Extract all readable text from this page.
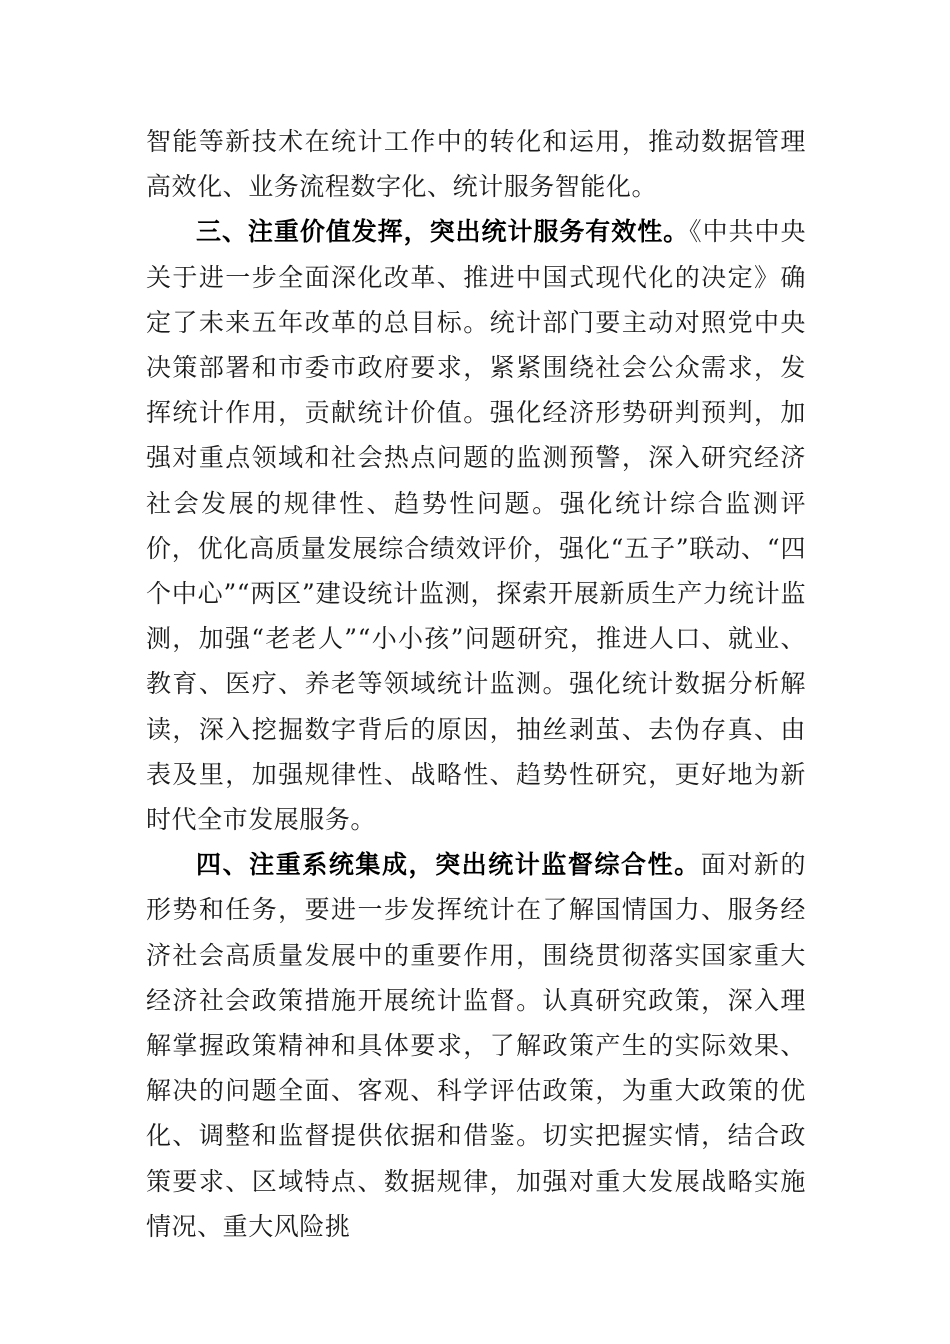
智能等新技术在统计工作中的转化和运用，推动数据管理高效化、业务流程数字化、统计服务智能化。

三、注重价值发挥，突出统计服务有效性。《中共中央关于进一步全面深化改革、推进中国式现代化的决定》确定了未来五年改革的总目标。统计部门要主动对照党中央决策部署和市委市政府要求，紧紧围绕社会公众需求，发挥统计作用，贡献统计价值。强化经济形势研判预判，加强对重点领域和社会热点问题的监测预警，深入研究经济社会发展的规律性、趋势性问题。强化统计综合监测评价，优化高质量发展综合绩效评价，强化“五子”联动、“四个中心”“两区”建设统计监测，探索开展新质生产力统计监测，加强“老老人”“小小孩”问题研究，推进人口、就业、教育、医疗、养老等领域统计监测。强化统计数据分析解读，深入挖掘数字背后的原因，抽丝剥茧、去伪存真、由表及里，加强规律性、战略性、趋势性研究，更好地为新时代全市发展服务。

四、注重系统集成，突出统计监督综合性。面对新的形势和任务，要进一步发挥统计在了解国情国力、服务经济社会高质量发展中的重要作用，围绕贯彻落实国家重大经济社会政策措施开展统计监督。认真研究政策，深入理解掌握政策精神和具体要求，了解政策产生的实际效果、解决的问题全面、客观、科学评估政策，为重大政策的优化、调整和监督提供依据和借鉴。切实把握实情，结合政策要求、区域特点、数据规律，加强对重大发展战略实施情况、重大风险挑
